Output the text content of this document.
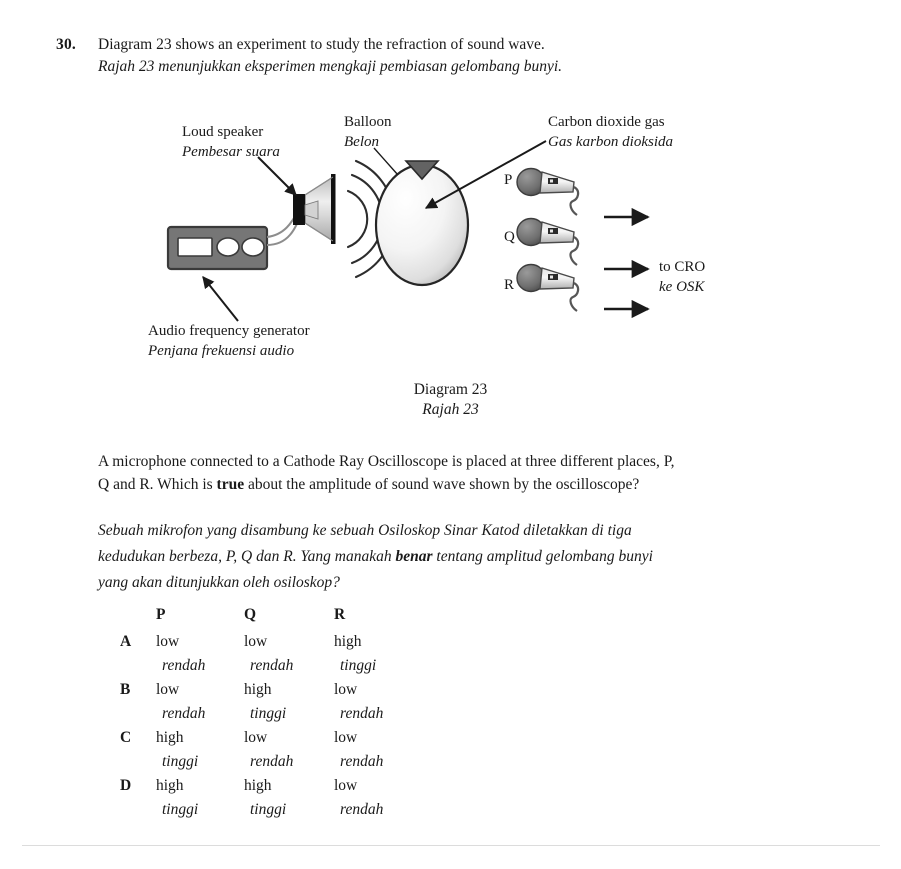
30. Diagram 23 shows an experiment to study the refraction of sound wave.
Rajah 23 menunjukkan eksperimen mengkaji pembiasan gelombang bunyi.
Loud speaker
Pembesar suara
Balloon
Belon
Carbon dioxide gas
Gas karbon dioksida
Audio frequency generator
Penjana frekuensi audio
to CRO
ke OSK
P
Q
R
Diagram 23
Rajah 23
A microphone connected to a Cathode Ray Oscilloscope is placed at three different places, P, Q and R. Which is true about the amplitude of sound wave shown by the oscilloscope?
Sebuah mikrofon yang disambung ke sebuah Osiloskop Sinar Katod diletakkan di tiga kedudukan berbeza, P, Q dan R. Yang manakah benar tentang amplitud gelombang bunyi yang akan ditunjukkan oleh osiloskop?
	P	Q	R
A	low	low	high
	rendah	rendah	tinggi
B	low	high	low
	rendah	tinggi	rendah
C	high	low	low
	tinggi	rendah	rendah
D	high	high	low
	tinggi	tinggi	rendah
